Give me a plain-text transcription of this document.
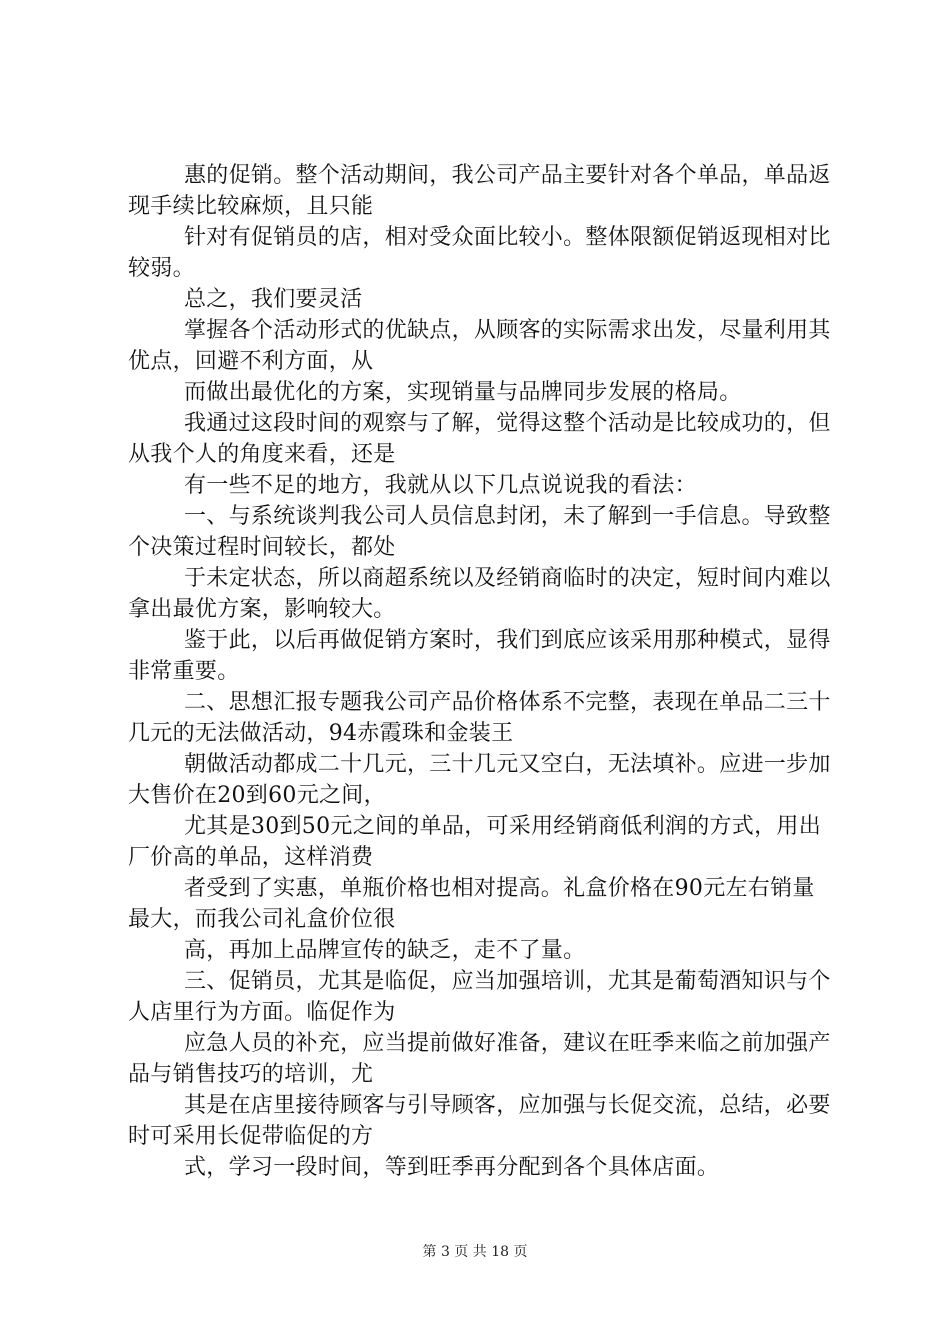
惠的促销。整个活动期间，我公司产品主要针对各个单品，单品返现手续比较麻烦，且只能

针对有促销员的店，相对受众面比较小。整体限额促销返现相对比较弱。

总之，我们要灵活

掌握各个活动形式的优缺点，从顾客的实际需求出发，尽量利用其优点，回避不利方面，从

而做出最优化的方案，实现销量与品牌同步发展的格局。

我通过这段时间的观察与了解，觉得这整个活动是比较成功的，但从我个人的角度来看，还是

有一些不足的地方，我就从以下几点说说我的看法：

一、与系统谈判我公司人员信息封闭，未了解到一手信息。导致整个决策过程时间较长，都处

于未定状态，所以商超系统以及经销商临时的决定，短时间内难以拿出最优方案，影响较大。

鉴于此，以后再做促销方案时，我们到底应该采用那种模式，显得非常重要。

二、思想汇报专题我公司产品价格体系不完整，表现在单品二三十几元的无法做活动，94赤霞珠和金装王

朝做活动都成二十几元，三十几元又空白，无法填补。应进一步加大售价在20到60元之间，

尤其是30到50元之间的单品，可采用经销商低利润的方式，用出厂价高的单品，这样消费

者受到了实惠，单瓶价格也相对提高。礼盒价格在90元左右销量最大，而我公司礼盒价位很

高，再加上品牌宣传的缺乏，走不了量。

三、促销员，尤其是临促，应当加强培训，尤其是葡萄酒知识与个人店里行为方面。临促作为

应急人员的补充，应当提前做好准备，建议在旺季来临之前加强产品与销售技巧的培训，尤

其是在店里接待顾客与引导顾客，应加强与长促交流，总结，必要时可采用长促带临促的方

式，学习一段时间，等到旺季再分配到各个具体店面。

第 3 页 共 18 页
